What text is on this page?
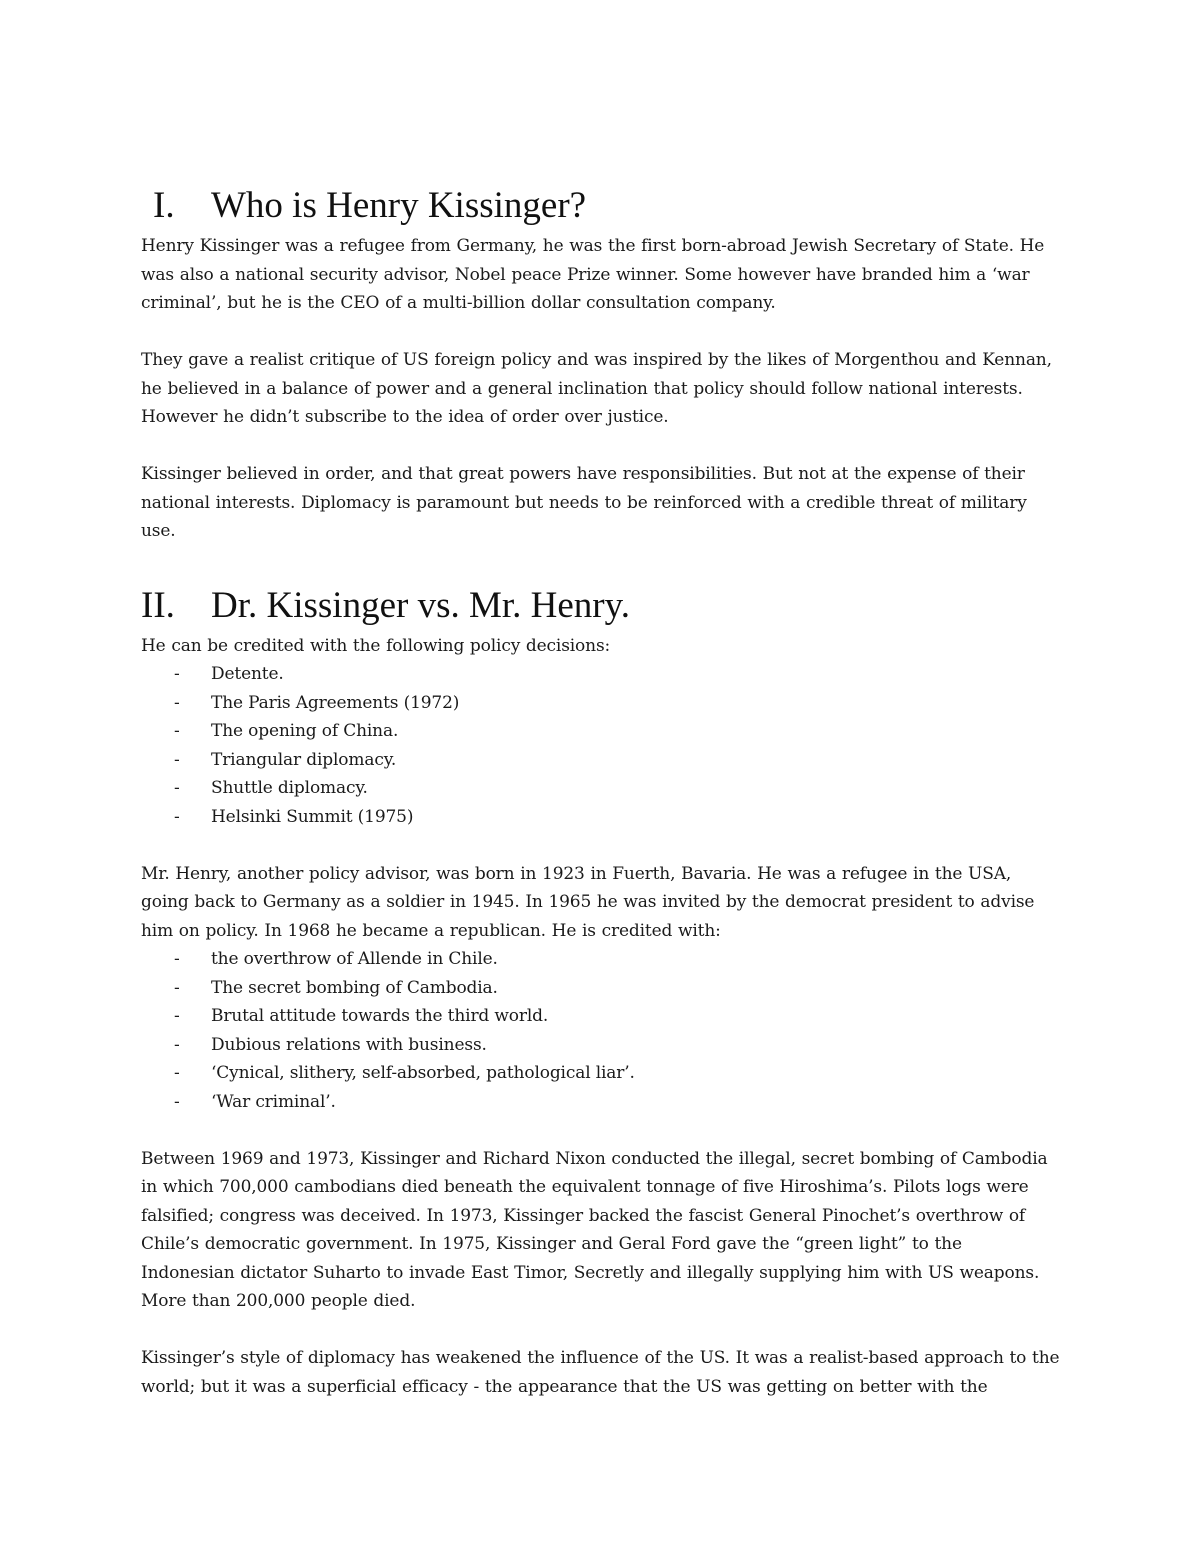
I. Who is Henry Kissinger?

Henry Kissinger was a refugee from Germany, he was the first born-abroad Jewish Secretary of State. He was also a national security advisor, Nobel peace Prize winner. Some however have branded him a ‘war criminal’, but he is the CEO of a multi-billion dollar consultation company.

They gave a realist critique of US foreign policy and was inspired by the likes of Morgenthou and Kennan, he believed in a balance of power and a general inclination that policy should follow national interests. However he didn’t subscribe to the idea of order over justice.

Kissinger believed in order, and that great powers have responsibilities. But not at the expense of their national interests. Diplomacy is paramount but needs to be reinforced with a credible threat of military use.

II. Dr. Kissinger vs. Mr. Henry.

He can be credited with the following policy decisions:

- Detente.
- The Paris Agreements (1972)
- The opening of China.
- Triangular diplomacy.
- Shuttle diplomacy.
- Helsinki Summit (1975)

Mr. Henry, another policy advisor, was born in 1923 in Fuerth, Bavaria. He was a refugee in the USA, going back to Germany as a soldier in 1945. In 1965 he was invited by the democrat president to advise him on policy. In 1968 he became a republican. He is credited with:

- the overthrow of Allende in Chile.
- The secret bombing of Cambodia.
- Brutal attitude towards the third world.
- Dubious relations with business.
- ‘Cynical, slithery, self-absorbed, pathological liar’.
- ‘War criminal’.

Between 1969 and 1973, Kissinger and Richard Nixon conducted the illegal, secret bombing of Cambodia in which 700,000 cambodians died beneath the equivalent tonnage of five Hiroshima’s. Pilots logs were falsified; congress was deceived. In 1973, Kissinger backed the fascist General Pinochet’s overthrow of Chile’s democratic government. In 1975, Kissinger and Geral Ford gave the “green light” to the Indonesian dictator Suharto to invade East Timor, Secretly and illegally supplying him with US weapons. More than 200,000 people died.

Kissinger’s style of diplomacy has weakened the influence of the US. It was a realist-based approach to the world; but it was a superficial efficacy - the appearance that the US was getting on better with the
